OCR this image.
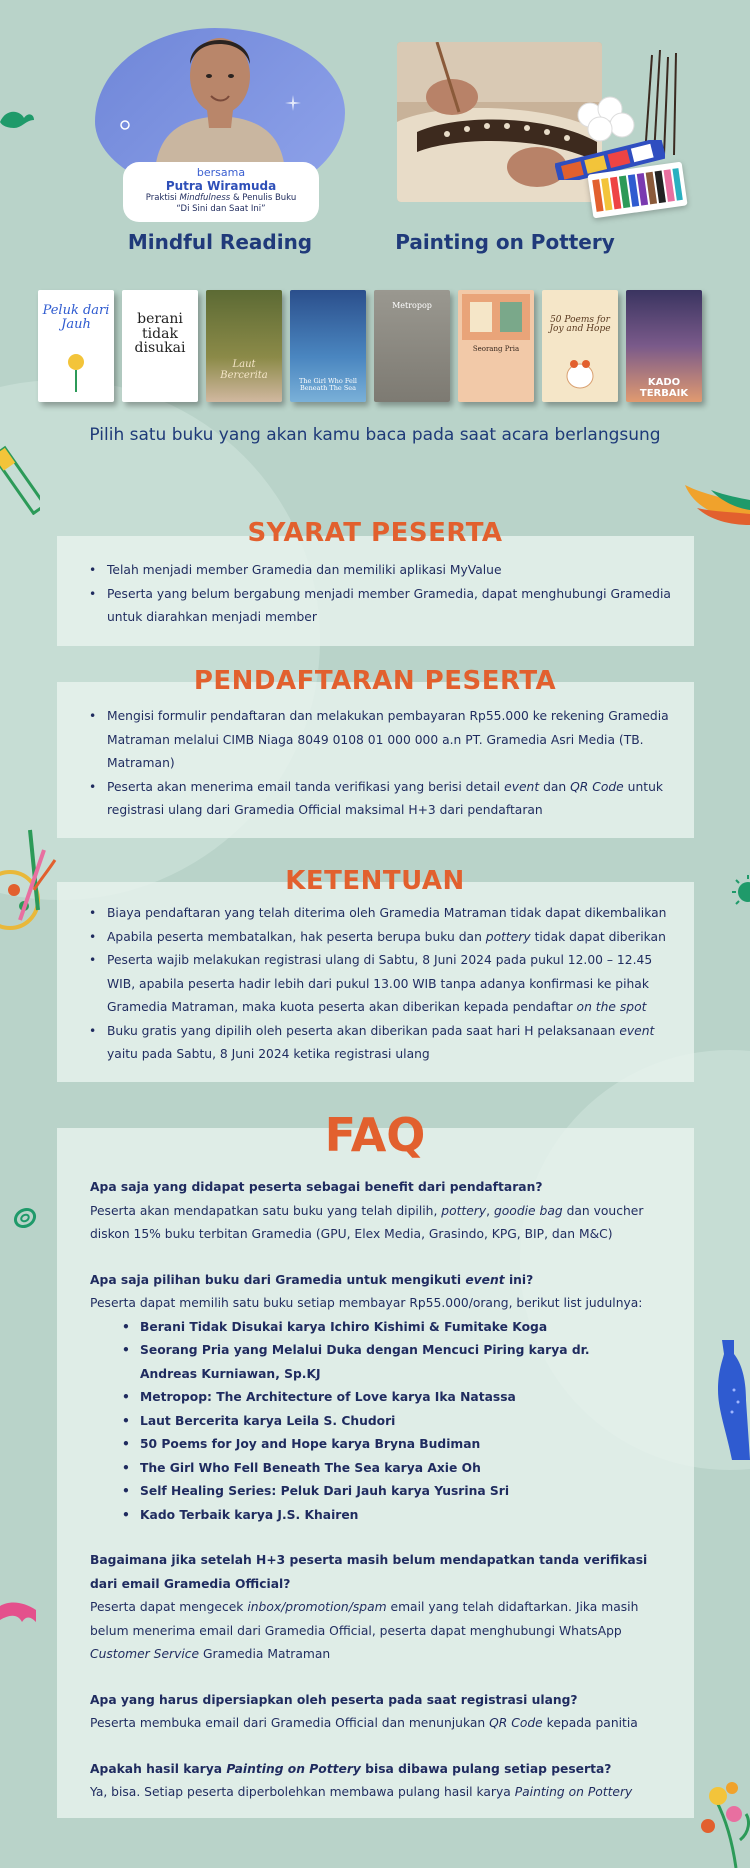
bersama
Putra Wiramuda
Praktisi Mindfulness & Penulis Buku
“Di Sini dan Saat Ini”
Mindful Reading	Painting on Pottery
Peluk dari Jauh	berani tidak disukai
Laut Bercerita
The Girl Who Fell Beneath The Sea
Metropop
Seorang Pria
50 Poems for Joy and Hope
KADO TERBAIK
Pilih satu buku yang akan kamu baca pada saat acara berlangsung
• Telah menjadi member Gramedia dan memiliki aplikasi MyValue
• Peserta yang belum bergabung menjadi member Gramedia, dapat menghubungi Gramedia untuk diarahkan menjadi member
SYARAT PESERTA
• Mengisi formulir pendaftaran dan melakukan pembayaran Rp55.000 ke rekening Gramedia Matraman melalui CIMB Niaga 8049 0108 01 000 000 a.n PT. Gramedia Asri Media (TB. Matraman)
• Peserta akan menerima email tanda verifikasi yang berisi detail event dan QR Code untuk registrasi ulang dari Gramedia Official maksimal H+3 dari pendaftaran
PENDAFTARAN PESERTA
• Biaya pendaftaran yang telah diterima oleh Gramedia Matraman tidak dapat dikembalikan
• Apabila peserta membatalkan, hak peserta berupa buku dan pottery tidak dapat diberikan
• Peserta wajib melakukan registrasi ulang di Sabtu, 8 Juni 2024 pada pukul 12.00 – 12.45 WIB, apabila peserta hadir lebih dari pukul 13.00 WIB tanpa adanya konfirmasi ke pihak Gramedia Matraman, maka kuota peserta akan diberikan kepada pendaftar on the spot
• Buku gratis yang dipilih oleh peserta akan diberikan pada saat hari H pelaksanaan event yaitu pada Sabtu, 8 Juni 2024 ketika registrasi ulang
KETENTUAN
Apa saja yang didapat peserta sebagai benefit dari pendaftaran?
Peserta akan mendapatkan satu buku yang telah dipilih, pottery, goodie bag dan voucher diskon 15% buku terbitan Gramedia (GPU, Elex Media, Grasindo, KPG, BIP, dan M&C)
Apa saja pilihan buku dari Gramedia untuk mengikuti event ini?
Peserta dapat memilih satu buku setiap membayar Rp55.000/orang, berikut list judulnya:
• Berani Tidak Disukai karya Ichiro Kishimi & Fumitake Koga
• Seorang Pria yang Melalui Duka dengan Mencuci Piring karya dr. Andreas Kurniawan, Sp.KJ
• Metropop: The Architecture of Love karya Ika Natassa
• Laut Bercerita karya Leila S. Chudori
• 50 Poems for Joy and Hope karya Bryna Budiman
• The Girl Who Fell Beneath The Sea karya Axie Oh
• Self Healing Series: Peluk Dari Jauh karya Yusrina Sri
• Kado Terbaik karya J.S. Khairen
Bagaimana jika setelah H+3 peserta masih belum mendapatkan tanda verifikasi dari email Gramedia Official?
Peserta dapat mengecek inbox/promotion/spam email yang telah didaftarkan. Jika masih belum menerima email dari Gramedia Official, peserta dapat menghubungi WhatsApp Customer Service Gramedia Matraman
Apa yang harus dipersiapkan oleh peserta pada saat registrasi ulang?
Peserta membuka email dari Gramedia Official dan menunjukan QR Code kepada panitia
Apakah hasil karya Painting on Pottery bisa dibawa pulang setiap peserta?
Ya, bisa. Setiap peserta diperbolehkan membawa pulang hasil karya Painting on Pottery
FAQ
